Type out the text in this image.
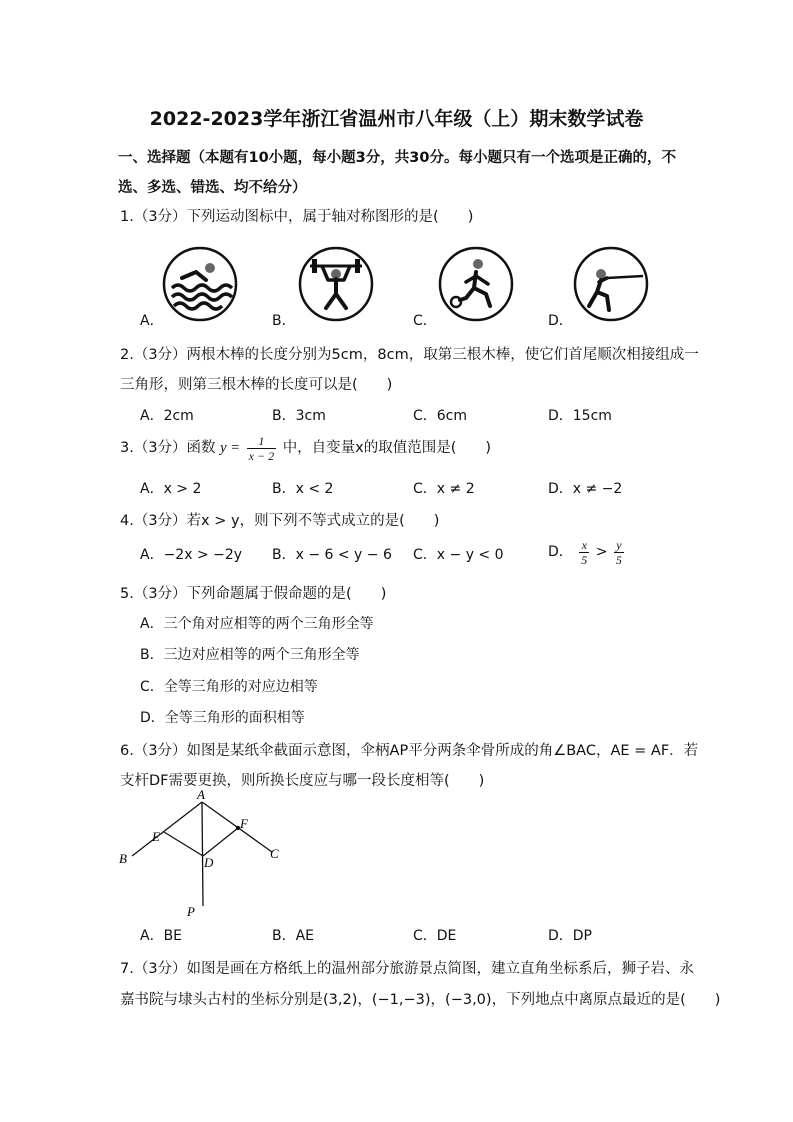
2022-2023学年浙江省温州市八年级（上）期末数学试卷
一、选择题（本题有10小题，每小题3分，共30分。每小题只有一个选项是正确的，不
选、多选、错选、均不给分）
1.（3分）下列运动图标中，属于轴对称图形的是(　　)
A．	B．	C．	D．
2.（3分）两根木棒的长度分别为5cm，8cm，取第三根木棒，使它们首尾顺次相接组成一
三角形，则第三根木棒的长度可以是(　　)
A．2cm	B．3cm	C．6cm	D．15cm
3.（3分）函数 $y = \frac{1}{x - 2}$ 中，自变量x的取值范围是(　　)
A．x > 2	B．x < 2	C．x ≠ 2	D．x ≠ −2
4.（3分）若x > y，则下列不等式成立的是(　　)
A．−2x > −2y B．x − 6 < y − 6 C．x − y < 0	D． $\frac{x}{5} > \frac{y}{5}$
5.（3分）下列命题属于假命题的是(　　)
A．三个角对应相等的两个三角形全等
B．三边对应相等的两个三角形全等
C．全等三角形的对应边相等
D．全等三角形的面积相等
6.（3分）如图是某纸伞截面示意图，伞柄AP平分两条伞骨所成的角∠BAC，AE = AF．若
支杆DF需要更换，则所换长度应与哪一段长度相等(　　)
A
B	C
D
E
F
P
A．BE	B．AE	C．DE	D．DP
7.（3分）如图是画在方格纸上的温州部分旅游景点简图，建立直角坐标系后，狮子岩、永
嘉书院与埭头古村的坐标分别是(3,2)，(−1,−3)，(−3,0)，下列地点中离原点最近的是(　　)
